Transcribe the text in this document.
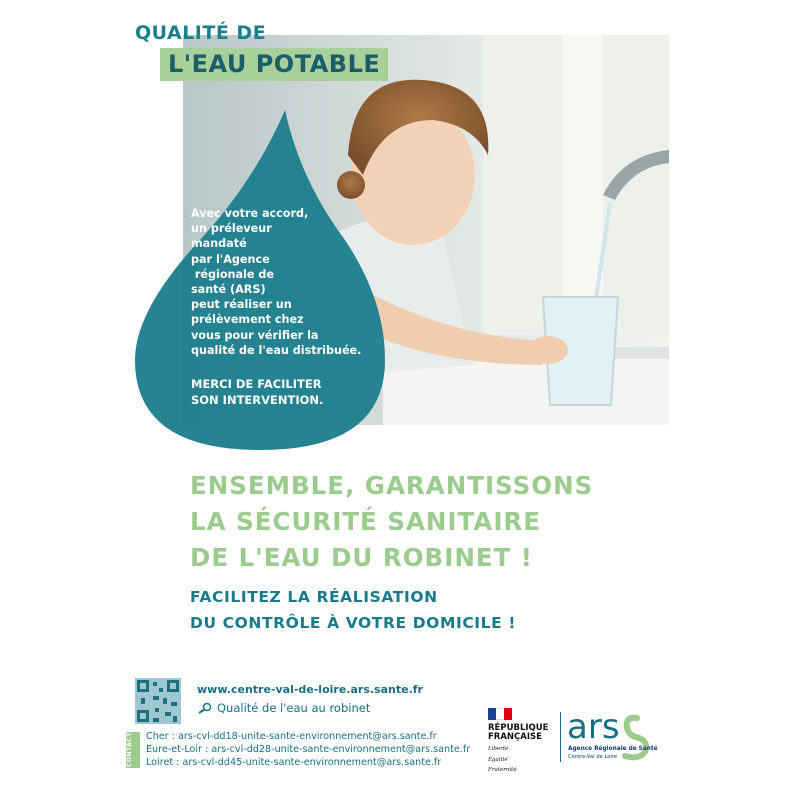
QUALITÉ DE
L'EAU POTABLE

Avec votre accord,

un préleveur

mandaté

par l'Agence

régionale de

santé (ARS)

peut réaliser un

prélèvement chez

vous pour vérifier la

qualité de l'eau distribuée.

MERCI DE FACILITER
SON INTERVENTION.
ENSEMBLE, GARANTISSONS
LA SÉCURITÉ SANITAIRE
DE L'EAU DU ROBINET !
FACILITEZ LA RÉALISATION
DU CONTRÔLE À VOTRE DOMICILE !
www.centre-val-de-loire.ars.sante.fr
Qualité de l'eau au robinet
CONTACT	Cher : ars-cvl-dd18-unite-sante-environnement@ars.sante.fr
Eure-et-Loir : ars-cvl-dd28-unite-sante-environnement@ars.sante.fr
Loiret : ars-cvl-dd45-unite-sante-environnement@ars.sante.fr
RÉPUBLIQUE
FRANÇAISE
Liberté
Égalité
Fraternité
ars
Agence Régionale de Santé
Centre-Val de Loire
